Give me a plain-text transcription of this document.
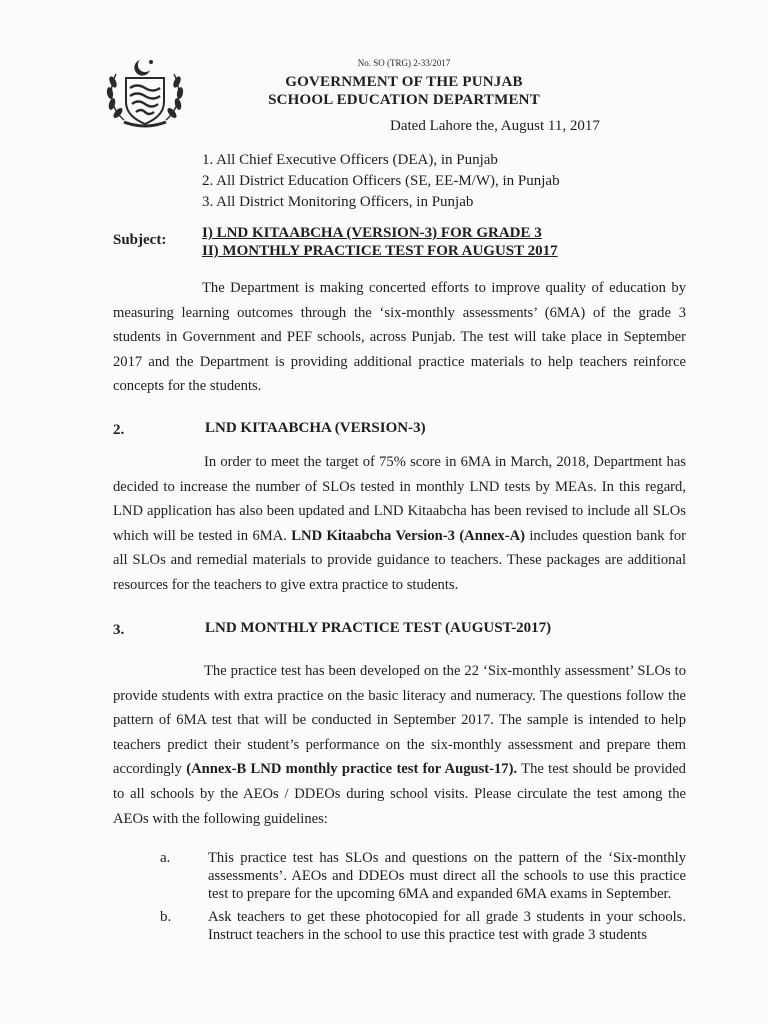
No. SO (TRG) 2-33/2017
GOVERNMENT OF THE PUNJAB
SCHOOL EDUCATION DEPARTMENT
Dated Lahore the, August 11, 2017
1. All Chief Executive Officers (DEA), in Punjab
2. All District Education Officers (SE, EE-M/W), in Punjab
3. All District Monitoring Officers, in Punjab
Subject: I) LND KITAABCHA (VERSION-3) FOR GRADE 3
II) MONTHLY PRACTICE TEST FOR AUGUST 2017
The Department is making concerted efforts to improve quality of education by measuring learning outcomes through the ‘six-monthly assessments’ (6MA) of the grade 3 students in Government and PEF schools, across Punjab. The test will take place in September 2017 and the Department is providing additional practice materials to help teachers reinforce concepts for the students.
2.	LND KITAABCHA (VERSION-3)
In order to meet the target of 75% score in 6MA in March, 2018, Department has decided to increase the number of SLOs tested in monthly LND tests by MEAs. In this regard, LND application has also been updated and LND Kitaabcha has been revised to include all SLOs which will be tested in 6MA. LND Kitaabcha Version-3 (Annex-A) includes question bank for all SLOs and remedial materials to provide guidance to teachers. These packages are additional resources for the teachers to give extra practice to students.
3.	LND MONTHLY PRACTICE TEST (AUGUST-2017)
The practice test has been developed on the 22 ‘Six-monthly assessment’ SLOs to provide students with extra practice on the basic literacy and numeracy. The questions follow the pattern of 6MA test that will be conducted in September 2017. The sample is intended to help teachers predict their student’s performance on the six-monthly assessment and prepare them accordingly (Annex-B LND monthly practice test for August-17). The test should be provided to all schools by the AEOs / DDEOs during school visits. Please circulate the test among the AEOs with the following guidelines:
a.	This practice test has SLOs and questions on the pattern of the ‘Six-monthly assessments’. AEOs and DDEOs must direct all the schools to use this practice test to prepare for the upcoming 6MA and expanded 6MA exams in September.
b.	Ask teachers to get these photocopied for all grade 3 students in your schools. Instruct teachers in the school to use this practice test with grade 3 students
